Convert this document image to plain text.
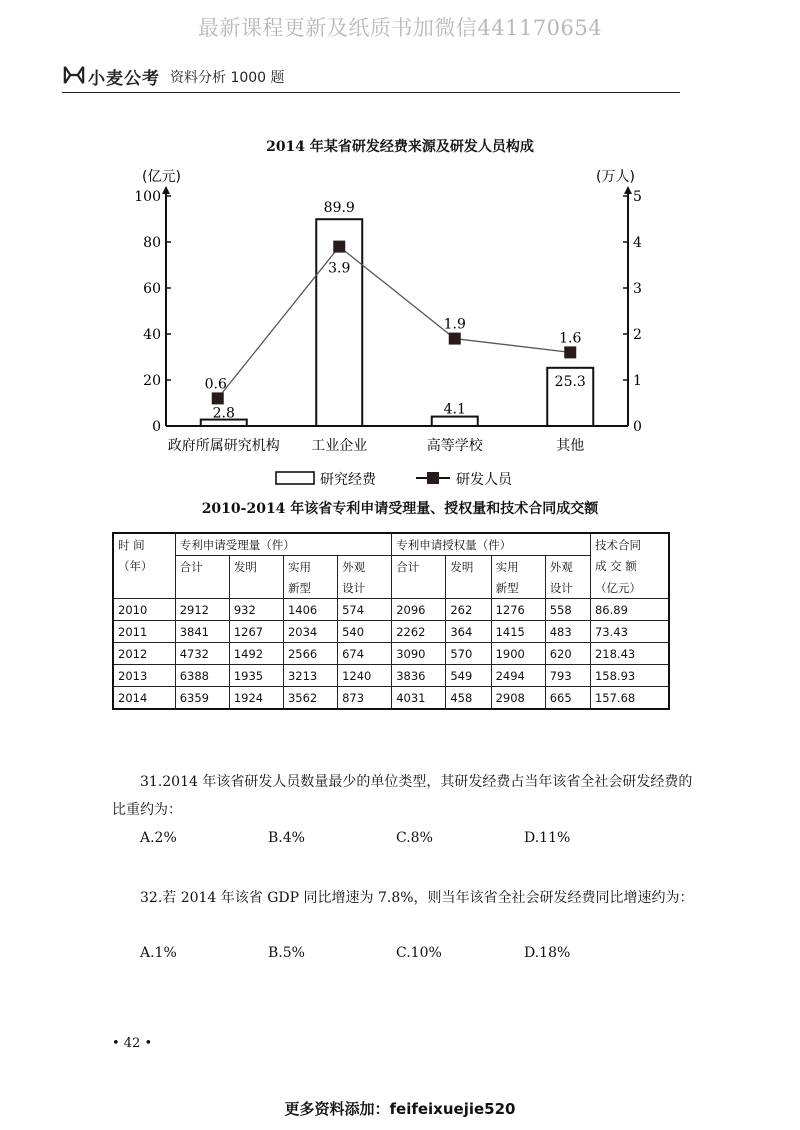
最新课程更新及纸质书加微信441170654
小麦公考 资料分析 1000 题
2014 年某省研发经费来源及研发人员构成
0
20
40
60
80
100
0
1
2
3
4
5
(亿元)	(万人)
2.8
89.9
4.1
25.3
0.6
3.9
1.9
1.6
政府所属研究机构 工业企业	高等学校	其他
研究经费	研发人员
2010-2014 年该省专利申请受理量、授权量和技术合同成交额
时 间	专利申请受理量（件）				专利申请授权量（件）				技术合同
（年）	合计	发明	实用	外观	合计	发明	实用	外观	成 交 额
			新型	设计			新型	设计	（亿元）
2010	2912	932	1406	574	2096	262	1276	558	86.89
2011	3841	1267	2034	540	2262	364	1415	483	73.43
2012	4732	1492	2566	674	3090	570	1900	620	218.43
2013	6388	1935	3213	1240	3836	549	2494	793	158.93
2014	6359	1924	3562	873	4031	458	2908	665	157.68

31.2014 年该省研发人员数量最少的单位类型，其研发经费占当年该省全社会研发经费的比重约为：

A.2%	B.4%	C.8%	D.11%

32.若 2014 年该省 GDP 同比增速为 7.8%，则当年该省全社会研发经费同比增速约为：

A.1%	B.5%	C.10%	D.18%
• 42 •
更多资料添加：feifeixuejie520
